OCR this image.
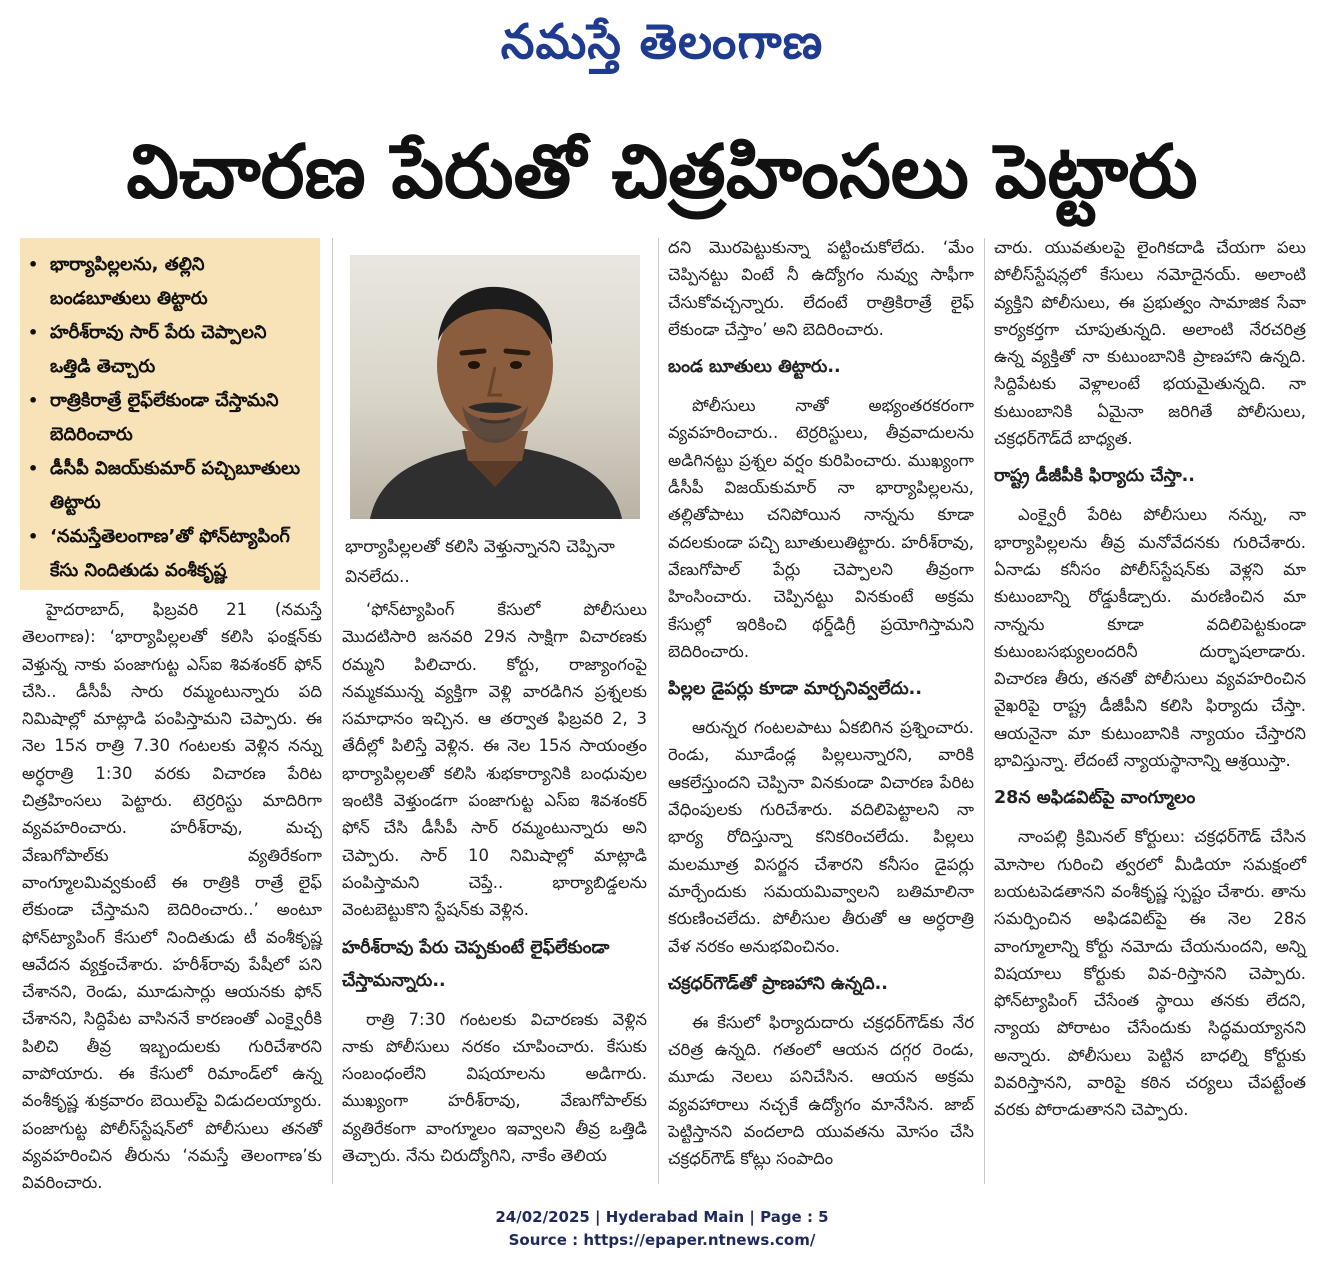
నమస్తే తెలంగాణ
విచారణ పేరుతో చిత్రహింసలు పెట్టారు
• భార్యాపిల్లలను, తల్లిని బండబూతులు తిట్టారు
• హరీశ్‌రావు సార్ పేరు చెప్పాలని ఒత్తిడి తెచ్చారు
• రాత్రికిరాత్రే లైఫ్‌లేకుండా చేస్తామని బెదిరించారు
• డీసీపీ విజయ్‌కుమార్ పచ్చిబూతులు తిట్టారు
• ‘నమస్తేతెలంగాణ’తో ఫోన్‌ట్యాపింగ్ కేసు నిందితుడు వంశీకృష్ణ
భార్యాపిల్లలతో కలిసి వెళ్తున్నానని చెప్పినా వినలేదు..

హైదరాబాద్, ఫిబ్రవరి 21 (నమస్తే తెలంగాణ): ‘భార్యాపిల్లలతో కలిసి ఫంక్షన్‌కు వెళ్తున్న నాకు పంజాగుట్ట ఎస్‌ఐ శివశంకర్ ఫోన్ చేసి.. డీసీపీ సారు రమ్మంటున్నారు పది నిమిషాల్లో మాట్లాడి పంపిస్తామని చెప్పారు. ఈ నెల 15న రాత్రి 7.30 గంటలకు వెళ్లిన నన్ను అర్ధరాత్రి 1:30 వరకు విచారణ పేరిట చిత్రహింసలు పెట్టారు. టెర్రరిస్టు మాదిరిగా వ్యవహరించారు. హరీశ్‌రావు, మచ్చ వేణుగోపాల్‌కు వ్యతిరేకంగా వాంగ్మూలమివ్వకుంటే ఈ రాత్రికి రాత్రే లైఫ్ లేకుండా చేస్తామని బెదిరించారు..’ అంటూ ఫోన్‌ట్యాపింగ్ కేసులో నిందితుడు టీ వంశీకృష్ణ ఆవేదన వ్యక్తంచేశారు. హరీశ్‌రావు పేషీలో పని చేశానని, రెండు, మూడుసార్లు ఆయనకు ఫోన్ చేశానని, సిద్దిపేట వాసిననే కారణంతో ఎంక్వైరీకి పిలిచి తీవ్ర ఇబ్బందులకు గురిచేశారని వాపోయారు. ఈ కేసులో రిమాండ్‌లో ఉన్న వంశీకృష్ణ శుక్రవారం బెయిల్‌పై విడుదలయ్యారు. పంజాగుట్ట పోలీస్‌స్టేషన్‌లో పోలీసులు తనతో వ్యవహరించిన తీరును ‘నమస్తే తెలంగాణ’కు వివరించారు.

‘ఫోన్‌ట్యాపింగ్ కేసులో పోలీసులు మొదటిసారి జనవరి 29న సాక్షిగా విచారణకు రమ్మని పిలిచారు. కోర్టు, రాజ్యాంగంపై నమ్మకమున్న వ్యక్తిగా వెళ్లి వారడిగిన ప్రశ్నలకు సమాధానం ఇచ్చిన. ఆ తర్వాత ఫిబ్రవరి 2, 3 తేదీల్లో పిలిస్తే వెళ్లిన. ఈ నెల 15న సాయంత్రం భార్యాపిల్లలతో కలిసి శుభకార్యానికి బంధువుల ఇంటికి వెళ్తుండగా పంజాగుట్ట ఎస్‌ఐ శివశంకర్ ఫోన్ చేసి డీసీపీ సార్ రమ్మంటున్నారు అని చెప్పారు. సార్ 10 నిమిషాల్లో మాట్లాడి పంపిస్తామని చెప్తే.. భార్యాబిడ్డలను వెంటబెట్టుకొని స్టేషన్‌కు వెళ్లిన.

హరీశ్‌రావు పేరు చెప్పకుంటే లైఫ్‌లేకుండా చేస్తామన్నారు..

రాత్రి 7:30 గంటలకు విచారణకు వెళ్లిన నాకు పోలీసులు నరకం చూపించారు. కేసుకు సంబంధంలేని విషయాలను అడిగారు. ముఖ్యంగా హరీశ్‌రావు, వేణుగోపాల్‌కు వ్యతిరేకంగా వాంగ్మూలం ఇవ్వాలని తీవ్ర ఒత్తిడి తెచ్చారు. నేను చిరుద్యోగిని, నాకేం తెలియ

దని మొరపెట్టుకున్నా పట్టించుకోలేదు. ‘మేం చెప్పినట్టు వింటే నీ ఉద్యోగం నువ్వు సాఫీగా చేసుకోవచ్చన్నారు. లేదంటే రాత్రికిరాత్రే లైఫ్ లేకుండా చేస్తాం’ అని బెదిరించారు.

బండ బూతులు తిట్టారు..

పోలీసులు నాతో అభ్యంతరకరంగా వ్యవహరించారు.. టెర్రరిస్టులు, తీవ్రవాదులను అడిగినట్టు ప్రశ్నల వర్షం కురిపించారు. ముఖ్యంగా డీసీపీ విజయ్‌కుమార్ నా భార్యాపిల్లలను, తల్లితోపాటు చనిపోయిన నాన్నను కూడా వదలకుండా పచ్చి బూతులుతిట్టారు. హరీశ్‌రావు, వేణుగోపాల్ పేర్లు చెప్పాలని తీవ్రంగా హింసించారు. చెప్పినట్టు వినకుంటే అక్రమ కేసుల్లో ఇరికించి థర్డ్‌డిగ్రీ ప్రయోగిస్తామని బెదిరించారు.

పిల్లల డైపర్లు కూడా మార్చనివ్వలేదు..

ఆరున్నర గంటలపాటు ఏకబిగిన ప్రశ్నించారు. రెండు, మూడేండ్ల పిల్లలున్నారని, వారికి ఆకలేస్తుందని చెప్పినా వినకుండా విచారణ పేరిట వేధింపులకు గురిచేశారు. వదిలిపెట్టాలని నా భార్య రోదిస్తున్నా కనికరించలేదు. పిల్లలు మలమూత్ర విసర్జన చేశారని కనీసం డైపర్లు మార్చేందుకు సమయమివ్వాలని బతిమాలినా కరుణించలేదు. పోలీసుల తీరుతో ఆ అర్ధరాత్రి వేళ నరకం అనుభవించినం.

చక్రధర్‌గౌడ్‌తో ప్రాణహాని ఉన్నది..

ఈ కేసులో ఫిర్యాదుదారు చక్రధర్‌గౌడ్‌కు నేర చరిత్ర ఉన్నది. గతంలో ఆయన దగ్గర రెండు, మూడు నెలలు పనిచేసిన. ఆయన అక్రమ వ్యవహారాలు నచ్చకే ఉద్యోగం మానేసిన. జాబ్ పెట్టిస్తానని వందలాది యువతను మోసం చేసి చక్రధర్‌గౌడ్ కోట్లు సంపాదిం

చారు. యువతులపై లైంగికదాడి చేయగా పలు పోలీస్‌స్టేషన్లలో కేసులు నమోదైనయ్. అలాంటి వ్యక్తిని పోలీసులు, ఈ ప్రభుత్వం సామాజిక సేవా కార్యకర్తగా చూపుతున్నది. అలాంటి నేరచరిత్ర ఉన్న వ్యక్తితో నా కుటుంబానికి ప్రాణహాని ఉన్నది. సిద్దిపేటకు వెళ్లాలంటే భయమైతున్నది. నా కుటుంబానికి ఏమైనా జరిగితే పోలీసులు, చక్రధర్‌గౌడ్‌దే బాధ్యత.

రాష్ట్ర డీజీపీకి ఫిర్యాదు చేస్తా..

ఎంక్వైరీ పేరిట పోలీసులు నన్ను, నా భార్యాపిల్లలను తీవ్ర మనోవేదనకు గురిచేశారు. ఏనాడు కనీసం పోలీస్‌స్టేషన్‌కు వెళ్లని మా కుటుంబాన్ని రోడ్డుకీడ్చారు. మరణించిన మా నాన్నను కూడా వదిలిపెట్టకుండా కుటుంబసభ్యులందరినీ దుర్భాషలాడారు. విచారణ తీరు, తనతో పోలీసులు వ్యవహరించిన వైఖరిపై రాష్ట్ర డీజీపీని కలిసి ఫిర్యాదు చేస్తా. ఆయనైనా మా కుటుంబానికి న్యాయం చేస్తారని భావిస్తున్నా. లేదంటే న్యాయస్థానాన్ని ఆశ్రయిస్తా.

28న అఫిడవిట్‌పై వాంగ్మూలం

నాంపల్లి క్రిమినల్ కోర్టులు: చక్రధర్‌గౌడ్ చేసిన మోసాల గురించి త్వరలో మీడియా సమక్షంలో బయటపెడతానని వంశీకృష్ణ స్పష్టం చేశారు. తాను సమర్పించిన అఫిడవిట్‌పై ఈ నెల 28న వాంగ్మూలాన్ని కోర్టు నమోదు చేయనుందని, అన్ని విషయాలు కోర్టుకు వివ-రిస్తానని చెప్పారు. ఫోన్‌ట్యాపింగ్ చేసేంత స్థాయి తనకు లేదని, న్యాయ పోరాటం చేసేందుకు సిద్ధమయ్యానని అన్నారు. పోలీసులు పెట్టిన బాధల్ని కోర్టుకు వివరిస్తానని, వారిపై కఠిన చర్యలు చేపట్టేంత వరకు పోరాడుతానని చెప్పారు.

24/02/2025 | Hyderabad Main | Page : 5
Source : https://epaper.ntnews.com/
